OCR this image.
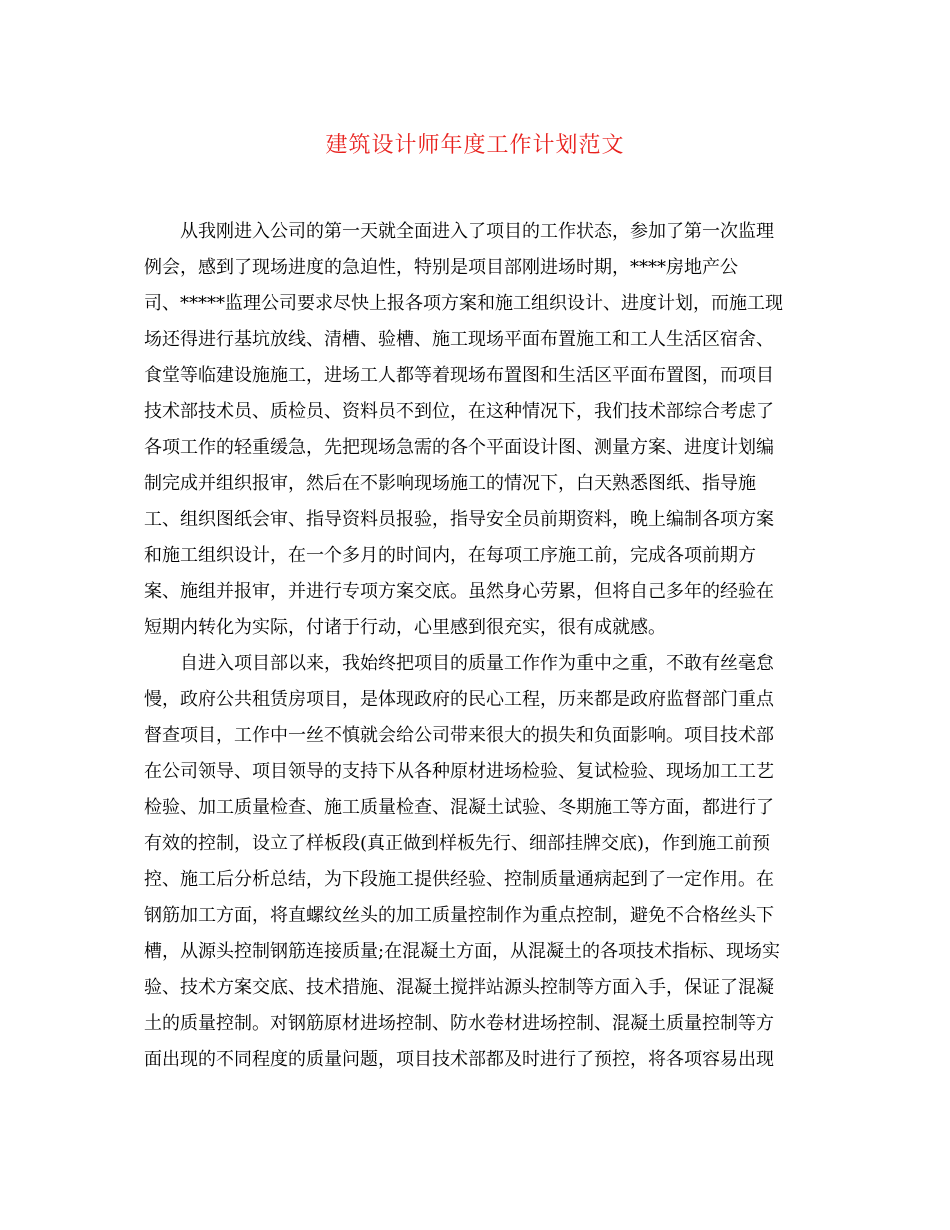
建筑设计师年度工作计划范文
从我刚进入公司的第一天就全面进入了项目的工作状态，参加了第一次监理
例会，感到了现场进度的急迫性，特别是项目部刚进场时期，****房地产公
司、*****监理公司要求尽快上报各项方案和施工组织设计、进度计划，而施工现
场还得进行基坑放线、清槽、验槽、施工现场平面布置施工和工人生活区宿舍、
食堂等临建设施施工，进场工人都等着现场布置图和生活区平面布置图，而项目
技术部技术员、质检员、资料员不到位，在这种情况下，我们技术部综合考虑了
各项工作的轻重缓急，先把现场急需的各个平面设计图、测量方案、进度计划编
制完成并组织报审，然后在不影响现场施工的情况下，白天熟悉图纸、指导施
工、组织图纸会审、指导资料员报验，指导安全员前期资料，晚上编制各项方案
和施工组织设计，在一个多月的时间内，在每项工序施工前，完成各项前期方
案、施组并报审，并进行专项方案交底。虽然身心劳累，但将自己多年的经验在
短期内转化为实际，付诸于行动，心里感到很充实，很有成就感。
自进入项目部以来，我始终把项目的质量工作作为重中之重，不敢有丝毫怠
慢，政府公共租赁房项目，是体现政府的民心工程，历来都是政府监督部门重点
督查项目，工作中一丝不慎就会给公司带来很大的损失和负面影响。项目技术部
在公司领导、项目领导的支持下从各种原材进场检验、复试检验、现场加工工艺
检验、加工质量检查、施工质量检查、混凝土试验、冬期施工等方面，都进行了
有效的控制，设立了样板段(真正做到样板先行、细部挂牌交底)，作到施工前预
控、施工后分析总结，为下段施工提供经验、控制质量通病起到了一定作用。在
钢筋加工方面，将直螺纹丝头的加工质量控制作为重点控制，避免不合格丝头下
槽，从源头控制钢筋连接质量;在混凝土方面，从混凝土的各项技术指标、现场实
验、技术方案交底、技术措施、混凝土搅拌站源头控制等方面入手，保证了混凝
土的质量控制。对钢筋原材进场控制、防水卷材进场控制、混凝土质量控制等方
面出现的不同程度的质量问题，项目技术部都及时进行了预控，将各项容易出现
